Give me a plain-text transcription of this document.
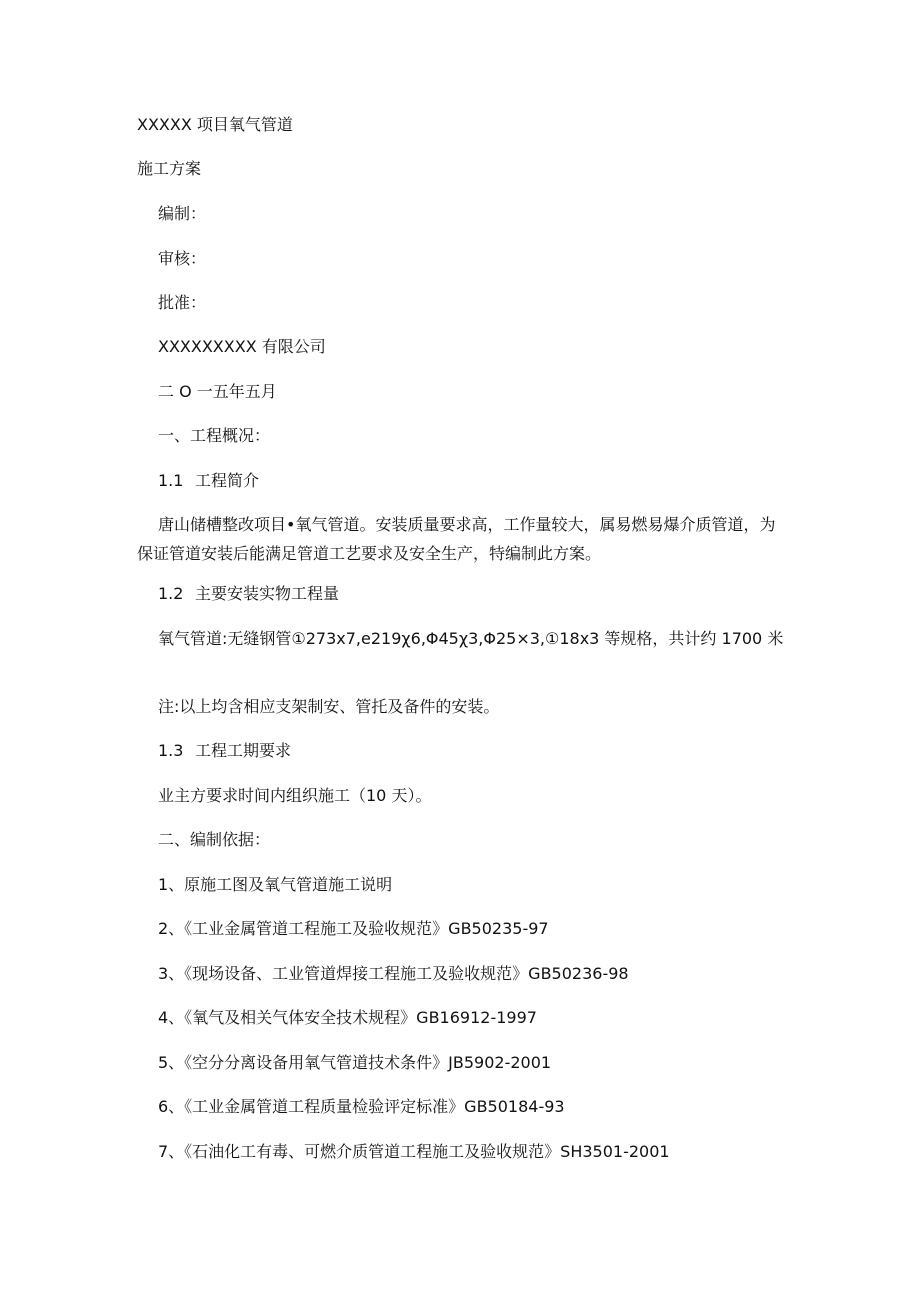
XXXXX 项目氧气管道
施工方案
编制：
审核：
批准：
XXXXXXXXX 有限公司
二 O 一五年五月
一、工程概况：
1.1 工程简介
唐山储槽整改项目•氧气管道。安装质量要求高，工作量较大，属易燃易爆介质管道，为保证管道安装后能满足管道工艺要求及安全生产，特编制此方案。
1.2 主要安装实物工程量
氧气管道:无缝钢管①273x7,e219χ6,Φ45χ3,Φ25×3,①18x3 等规格，共计约 1700 米
注:以上均含相应支架制安、管托及备件的安装。
1.3 工程工期要求
业主方要求时间内组织施工（10 天）。
二、编制依据：
1、原施工图及氧气管道施工说明
2、《工业金属管道工程施工及验收规范》GB50235-97
3、《现场设备、工业管道焊接工程施工及验收规范》GB50236-98
4、《氧气及相关气体安全技术规程》GB16912-1997
5、《空分分离设备用氧气管道技术条件》JB5902-2001
6、《工业金属管道工程质量检验评定标准》GB50184-93
7、《石油化工有毒、可燃介质管道工程施工及验收规范》SH3501-2001
